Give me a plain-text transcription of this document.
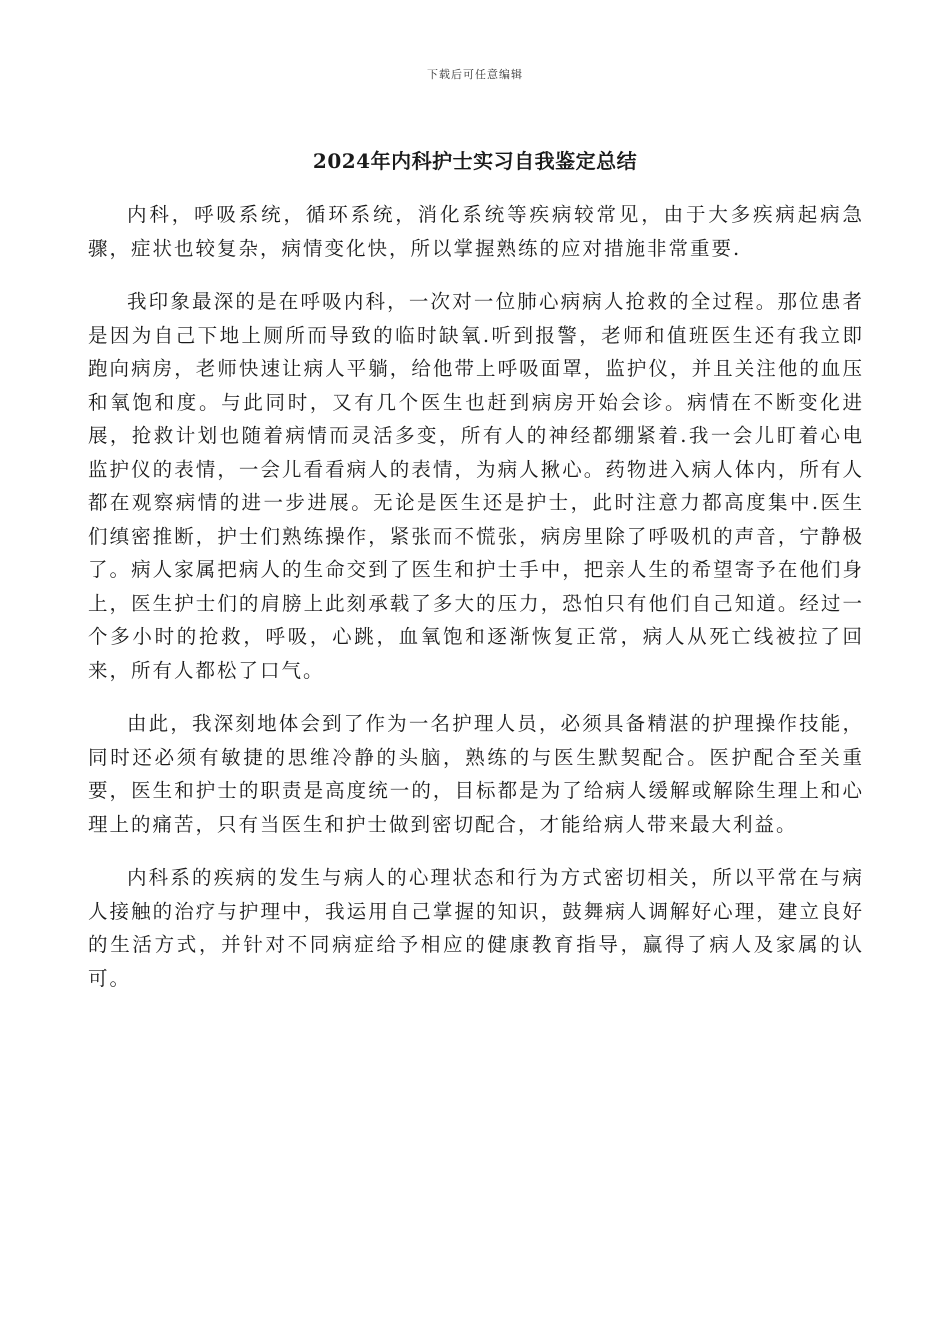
下载后可任意编辑
2024年内科护士实习自我鉴定总结

内科，呼吸系统，循环系统，消化系统等疾病较常见，由于大多疾病起病急骤，症状也较复杂，病情变化快，所以掌握熟练的应对措施非常重要.

我印象最深的是在呼吸内科，一次对一位肺心病病人抢救的全过程。那位患者是因为自己下地上厕所而导致的临时缺氧.听到报警，老师和值班医生还有我立即跑向病房，老师快速让病人平躺，给他带上呼吸面罩，监护仪，并且关注他的血压和氧饱和度。与此同时，又有几个医生也赶到病房开始会诊。病情在不断变化进展，抢救计划也随着病情而灵活多变，所有人的神经都绷紧着.我一会儿盯着心电监护仪的表情，一会儿看看病人的表情，为病人揪心。药物进入病人体内，所有人都在观察病情的进一步进展。无论是医生还是护士，此时注意力都高度集中.医生们缜密推断，护士们熟练操作，紧张而不慌张，病房里除了呼吸机的声音，宁静极了。病人家属把病人的生命交到了医生和护士手中，把亲人生的希望寄予在他们身上，医生护士们的肩膀上此刻承载了多大的压力，恐怕只有他们自己知道。经过一个多小时的抢救，呼吸，心跳，血氧饱和逐渐恢复正常，病人从死亡线被拉了回来，所有人都松了口气。

由此，我深刻地体会到了作为一名护理人员，必须具备精湛的护理操作技能，同时还必须有敏捷的思维冷静的头脑，熟练的与医生默契配合。医护配合至关重要，医生和护士的职责是高度统一的，目标都是为了给病人缓解或解除生理上和心理上的痛苦，只有当医生和护士做到密切配合，才能给病人带来最大利益。

内科系的疾病的发生与病人的心理状态和行为方式密切相关，所以平常在与病人接触的治疗与护理中，我运用自己掌握的知识，鼓舞病人调解好心理，建立良好的生活方式，并针对不同病症给予相应的健康教育指导，赢得了病人及家属的认可。
